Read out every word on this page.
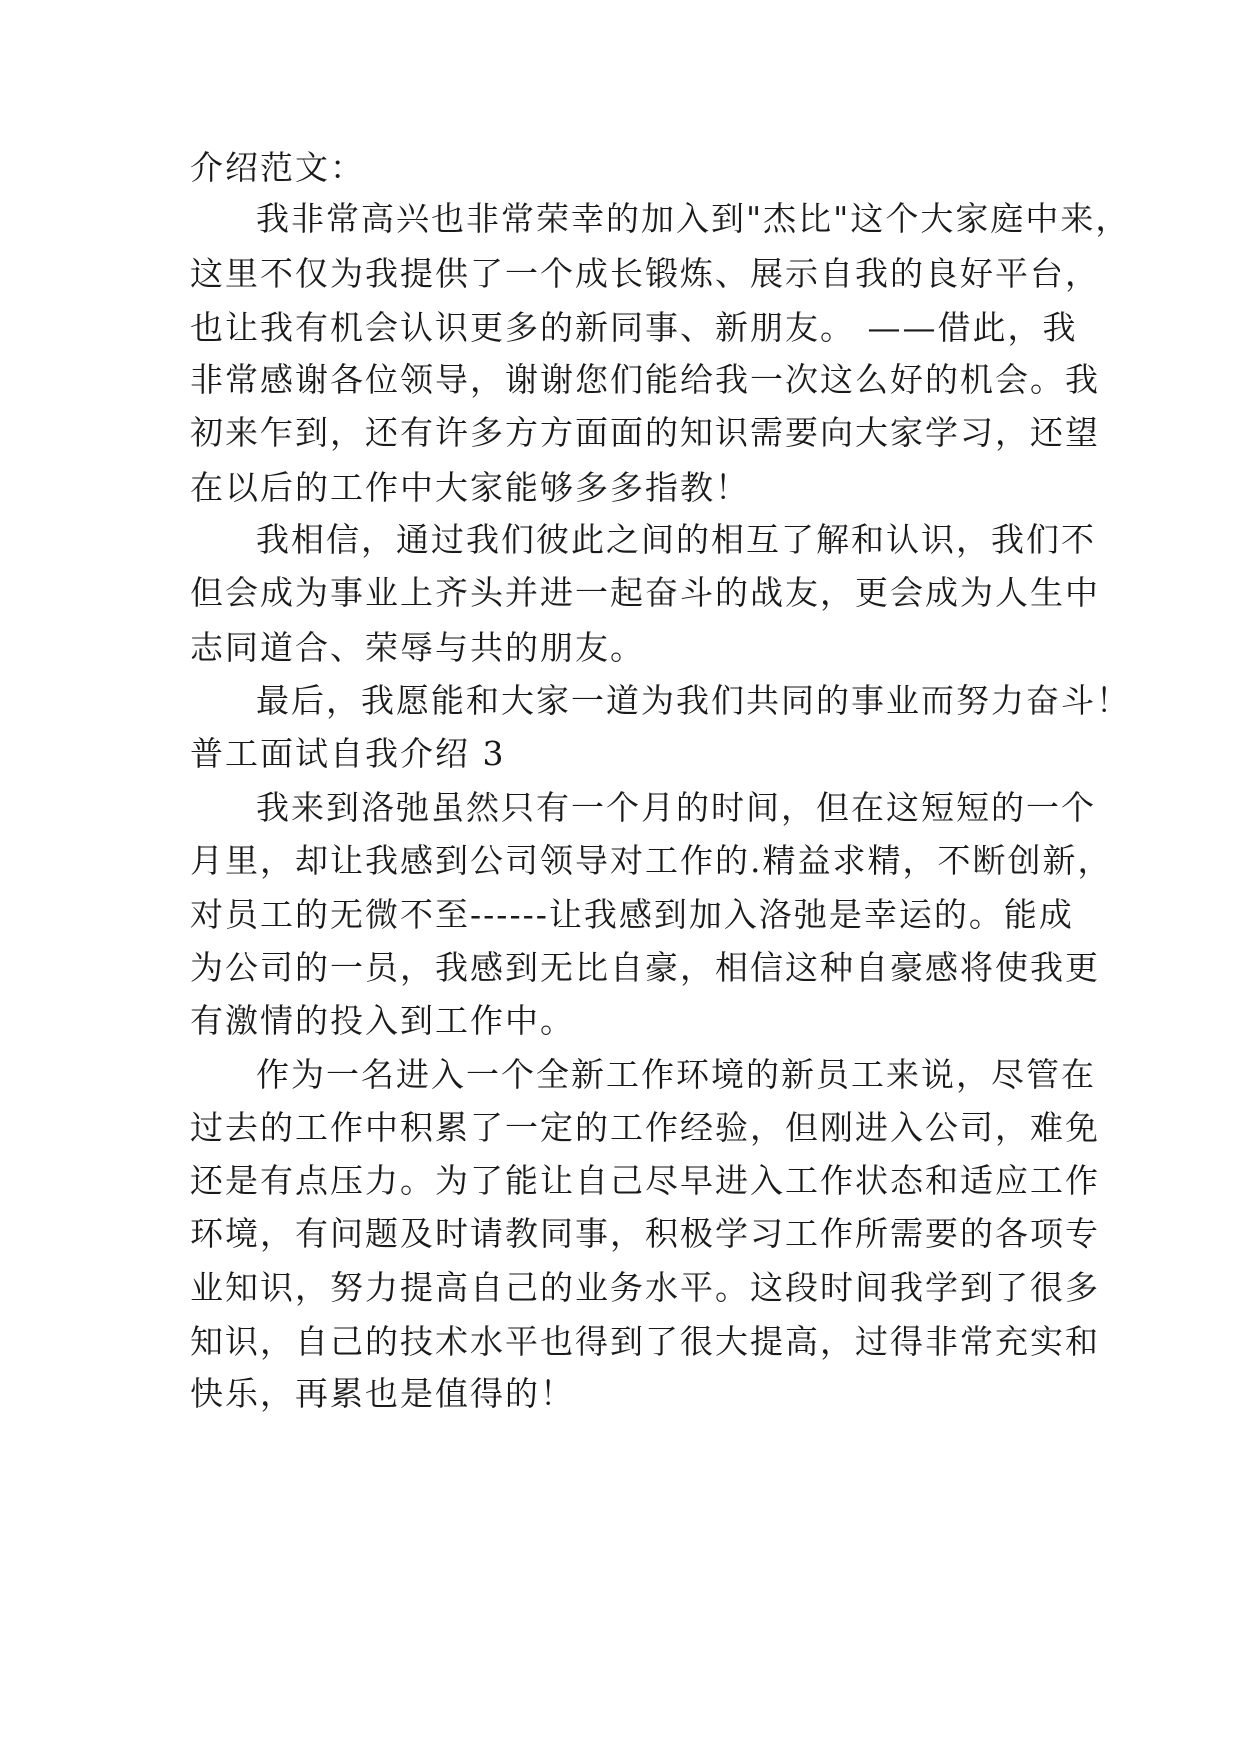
介绍范文：
我非常高兴也非常荣幸的加入到"杰比"这个大家庭中来，
这里不仅为我提供了一个成长锻炼、展示自我的良好平台，
也让我有机会认识更多的新同事、新朋友。 ——借此，我
非常感谢各位领导，谢谢您们能给我一次这么好的机会。我
初来乍到，还有许多方方面面的知识需要向大家学习，还望
在以后的工作中大家能够多多指教！
我相信，通过我们彼此之间的相互了解和认识，我们不
但会成为事业上齐头并进一起奋斗的战友，更会成为人生中
志同道合、荣辱与共的朋友。
最后，我愿能和大家一道为我们共同的事业而努力奋斗！
普工面试自我介绍 3
我来到洛弛虽然只有一个月的时间，但在这短短的一个
月里，却让我感到公司领导对工作的.精益求精，不断创新，
对员工的无微不至------让我感到加入洛弛是幸运的。能成
为公司的一员，我感到无比自豪，相信这种自豪感将使我更
有激情的投入到工作中。
作为一名进入一个全新工作环境的新员工来说，尽管在
过去的工作中积累了一定的工作经验，但刚进入公司，难免
还是有点压力。为了能让自己尽早进入工作状态和适应工作
环境，有问题及时请教同事，积极学习工作所需要的各项专
业知识，努力提高自己的业务水平。这段时间我学到了很多
知识，自己的技术水平也得到了很大提高，过得非常充实和
快乐，再累也是值得的！
